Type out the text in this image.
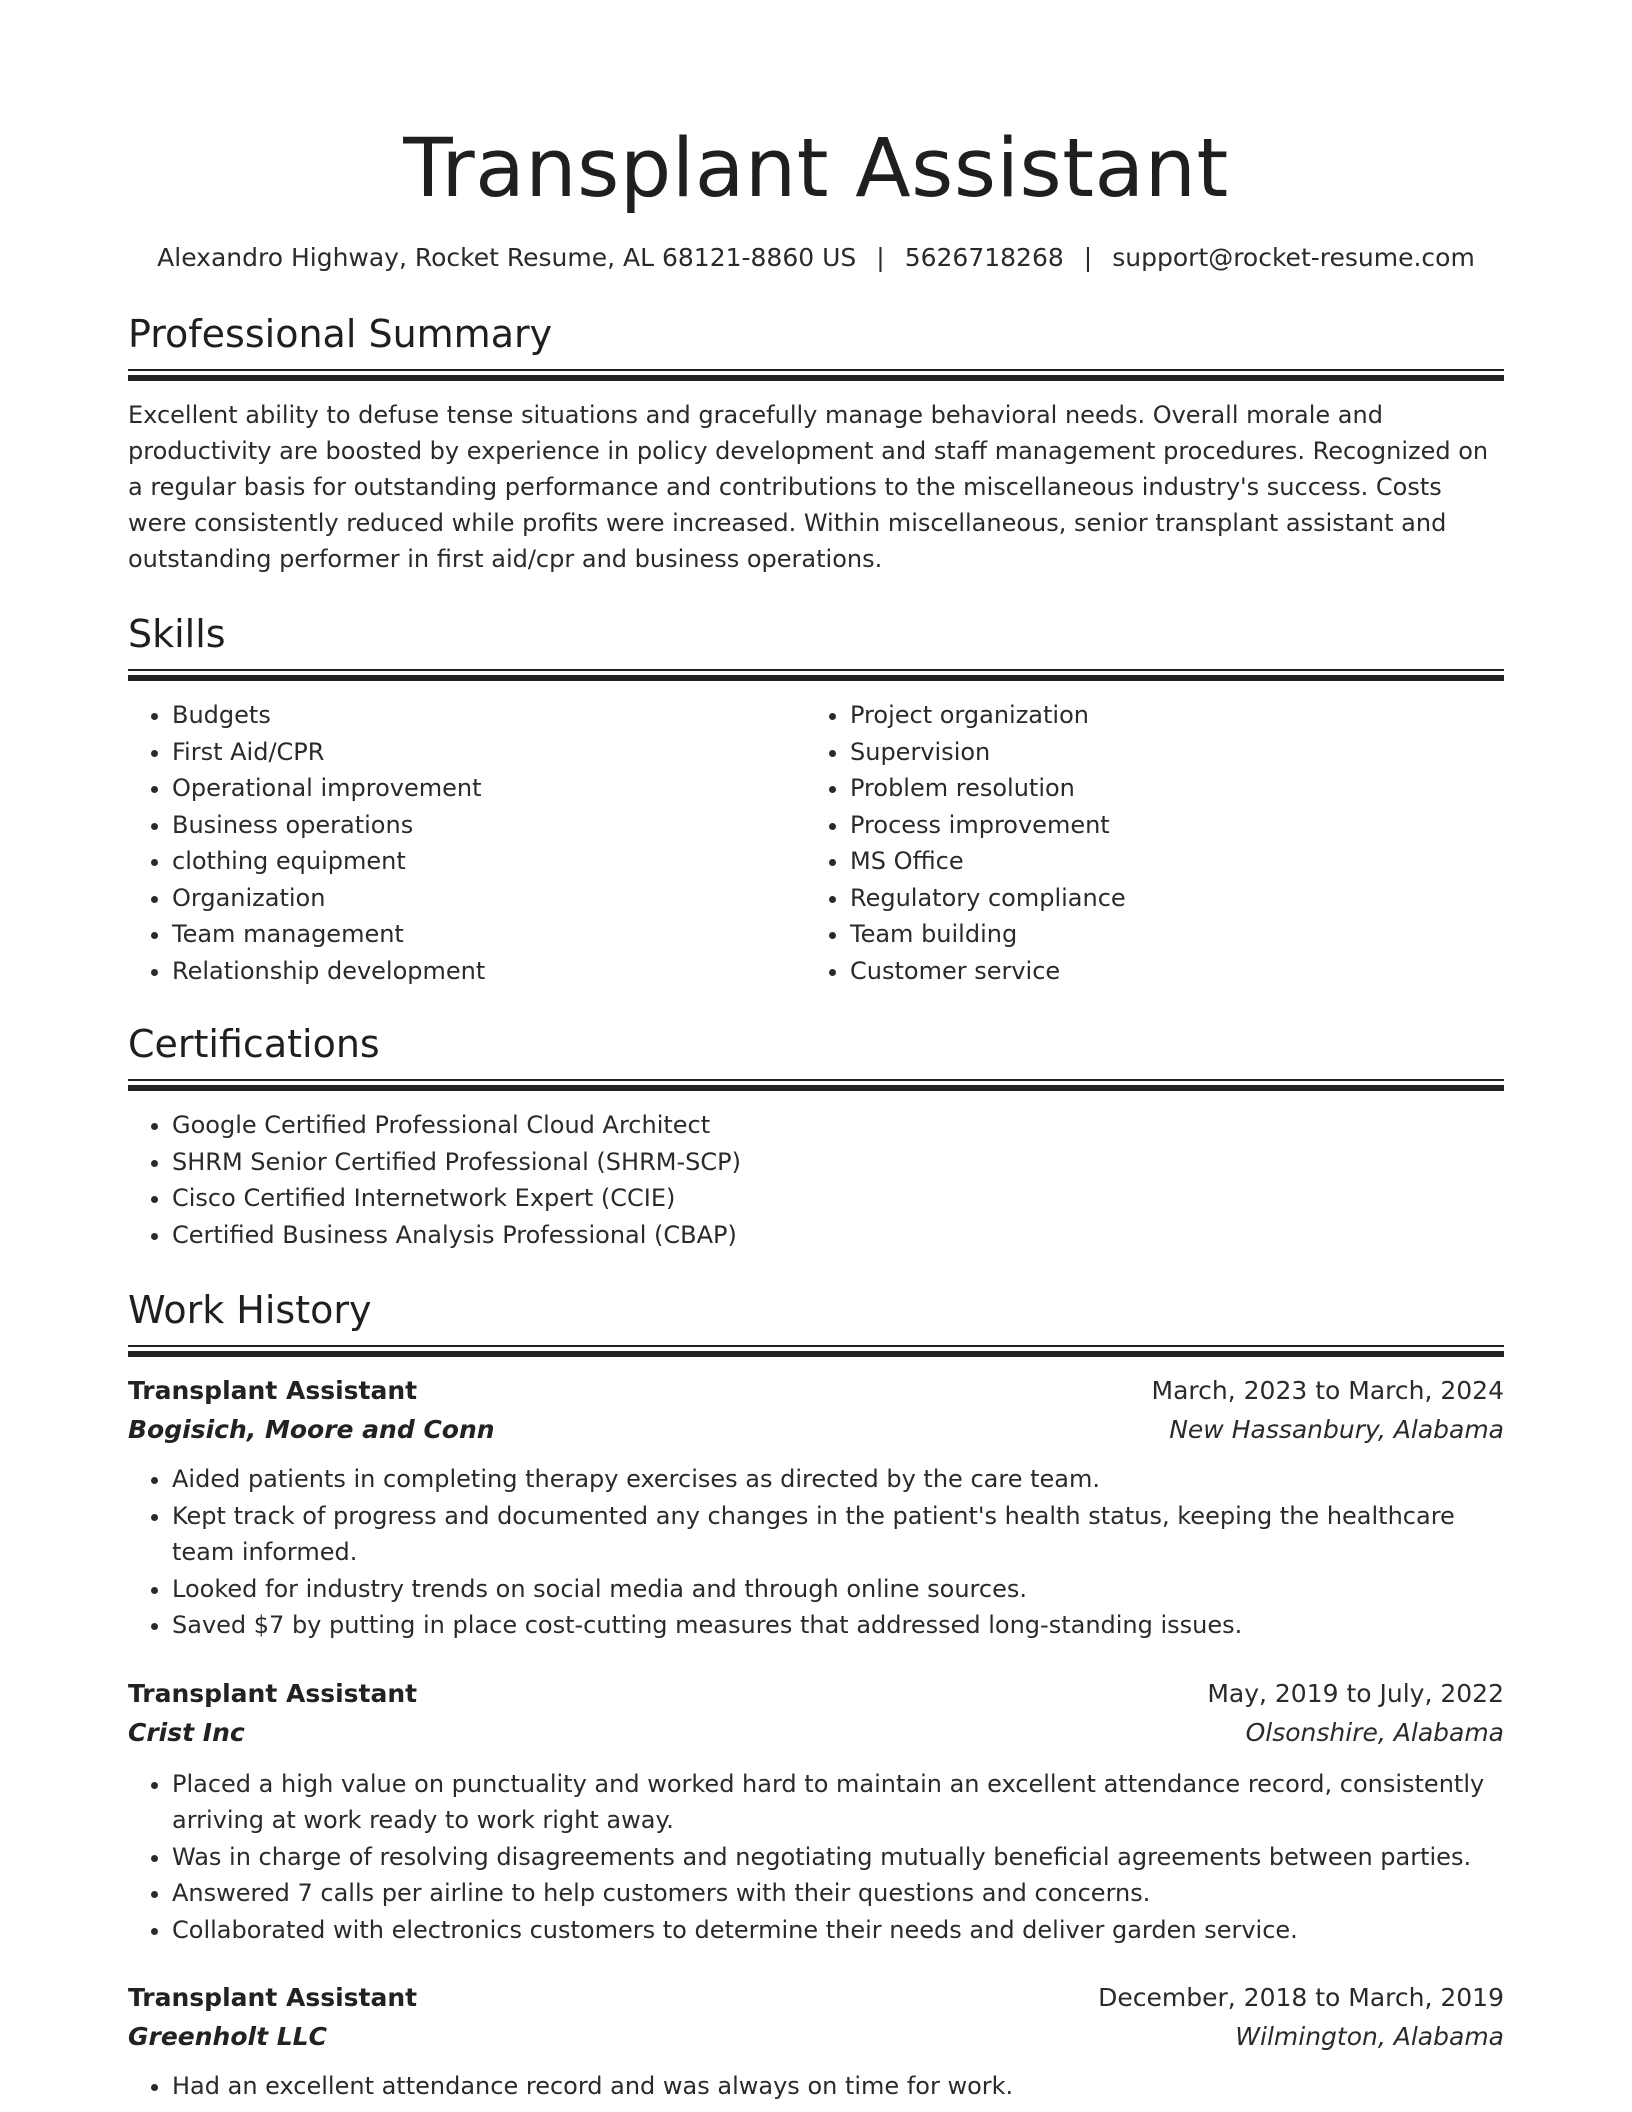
Transplant Assistant
Alexandro Highway, Rocket Resume, AL 68121-8860 US | 5626718268 | support@rocket-resume.com
Professional Summary

Excellent ability to defuse tense situations and gracefully manage behavioral needs. Overall morale and productivity are boosted by experience in policy development and staff management procedures. Recognized on a regular basis for outstanding performance and contributions to the miscellaneous industry's success. Costs were consistently reduced while profits were increased. Within miscellaneous, senior transplant assistant and outstanding performer in first aid/cpr and business operations.

Skills
• Budgets
• First Aid/CPR
• Operational improvement
• Business operations
• clothing equipment
• Organization
• Team management
• Relationship development
• Project organization
• Supervision
• Problem resolution
• Process improvement
• MS Office
• Regulatory compliance
• Team building
• Customer service
Certifications
• Google Certified Professional Cloud Architect
• SHRM Senior Certified Professional (SHRM-SCP)
• Cisco Certified Internetwork Expert (CCIE)
• Certified Business Analysis Professional (CBAP)
Work History
Transplant Assistant	March, 2023 to March, 2024
Bogisich, Moore and Conn	New Hassanbury, Alabama
• Aided patients in completing therapy exercises as directed by the care team.
• Kept track of progress and documented any changes in the patient's health status, keeping the healthcare team informed.
• Looked for industry trends on social media and through online sources.
• Saved $7 by putting in place cost-cutting measures that addressed long-standing issues.
Transplant Assistant	May, 2019 to July, 2022
Crist Inc	Olsonshire, Alabama
• Placed a high value on punctuality and worked hard to maintain an excellent attendance record, consistently arriving at work ready to work right away.
• Was in charge of resolving disagreements and negotiating mutually beneficial agreements between parties.
• Answered 7 calls per airline to help customers with their questions and concerns.
• Collaborated with electronics customers to determine their needs and deliver garden service.
Transplant Assistant	December, 2018 to March, 2019
Greenholt LLC	Wilmington, Alabama
• Had an excellent attendance record and was always on time for work.
